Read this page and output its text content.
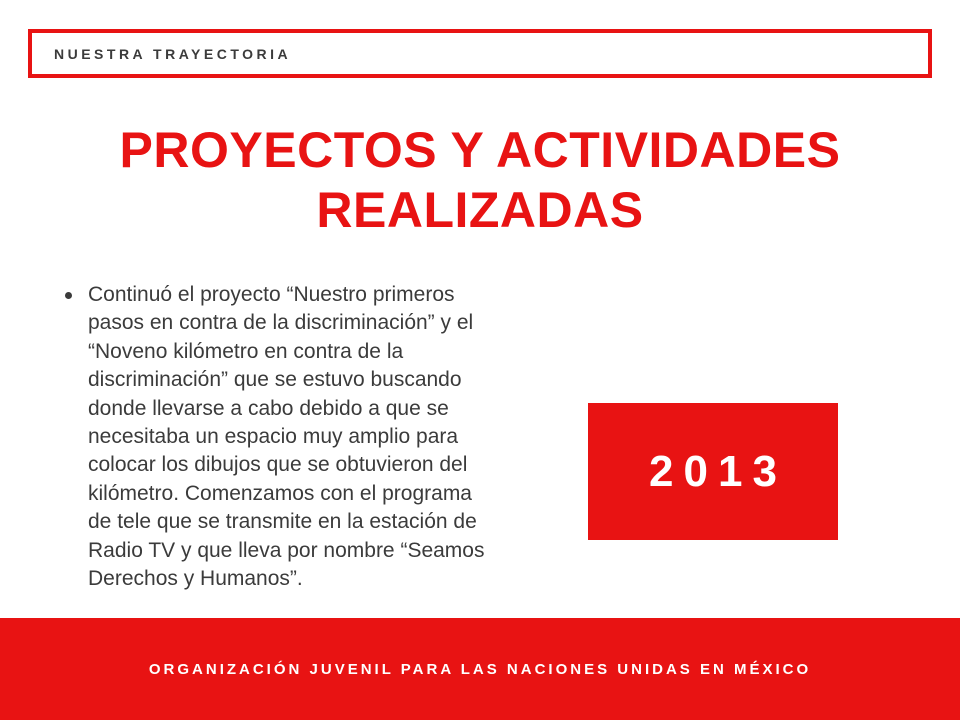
NUESTRA TRAYECTORIA
PROYECTOS Y ACTIVIDADES REALIZADAS
Continuó el proyecto “Nuestro primeros pasos en contra de la discriminación” y el “Noveno kilómetro en contra de la discriminación” que se estuvo buscando donde llevarse a cabo debido a que se necesitaba un espacio muy amplio para colocar los dibujos que se obtuvieron del kilómetro. Comenzamos con el programa de tele que se transmite en la estación de Radio TV y que lleva por nombre “Seamos Derechos y Humanos”.
2013
ORGANIZACIÓN JUVENIL PARA LAS NACIONES UNIDAS EN MÉXICO
